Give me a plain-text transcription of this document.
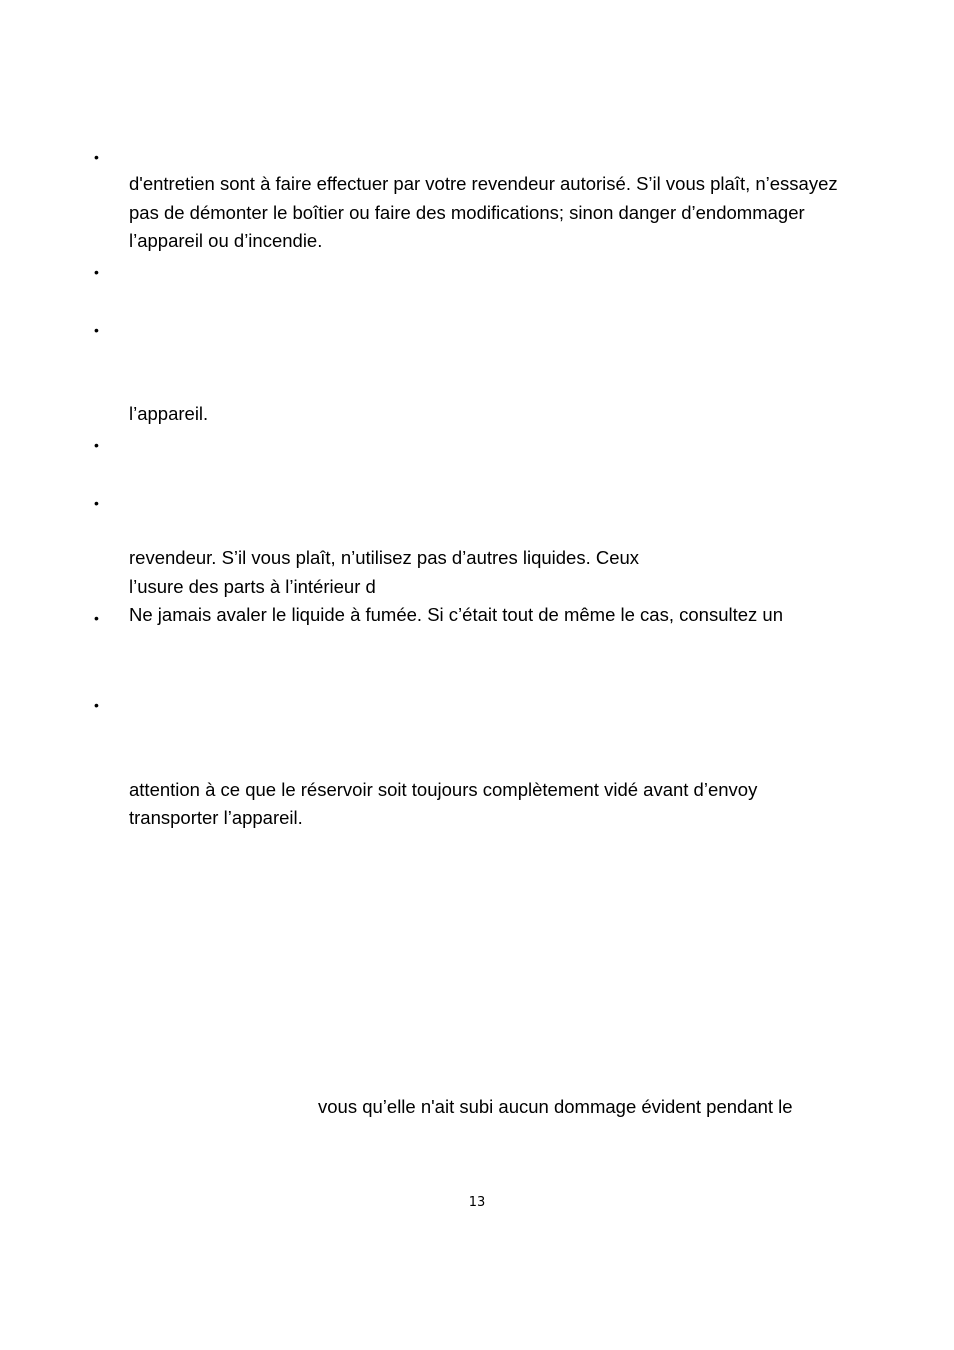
•
d'entretien sont à faire effectuer par votre revendeur autorisé. S’il vous plaît, n’essayez
pas de démonter le boîtier ou faire des modifications; sinon danger d’endommager
l’appareil ou d’incendie.
•
•
l’appareil.
•
•
revendeur. S’il vous plaît, n’utilisez pas d’autres liquides. Ceux
l’usure des parts à l’intérieur d
• Ne jamais avaler le liquide à fumée. Si c’était tout de même le cas, consultez un
•
attention à ce que le réservoir soit toujours complètement vidé avant d’envoy
transporter l’appareil.
vous qu’elle n'ait subi aucun dommage évident pendant le
13
